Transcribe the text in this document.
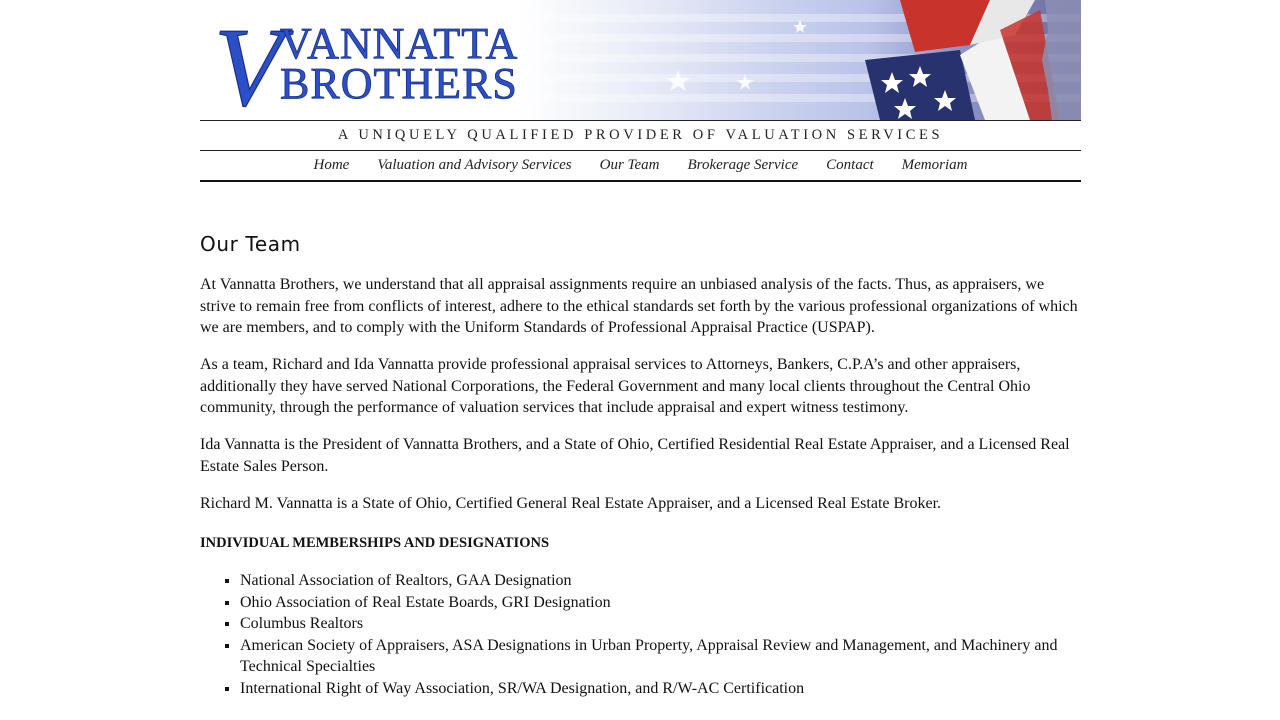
V
VANNATTA
BROTHERS
A UNIQUELY QUALIFIED PROVIDER OF VALUATION SERVICES
Home Valuation and Advisory Services Our Team Brokerage Service Contact Memoriam
Our Team

At Vannatta Brothers, we understand that all appraisal assignments require an unbiased analysis of the facts. Thus, as appraisers, we strive to remain free from conflicts of interest, adhere to the ethical standards set forth by the various professional organizations of which we are members, and to comply with the Uniform Standards of Professional Appraisal Practice (USPAP).

As a team, Richard and Ida Vannatta provide professional appraisal services to Attorneys, Bankers, C.P.A’s and other appraisers, additionally they have served National Corporations, the Federal Government and many local clients throughout the Central Ohio community, through the performance of valuation services that include appraisal and expert witness testimony.

Ida Vannatta is the President of Vannatta Brothers, and a State of Ohio, Certified Residential Real Estate Appraiser, and a Licensed Real Estate Sales Person.

Richard M. Vannatta is a State of Ohio, Certified General Real Estate Appraiser, and a Licensed Real Estate Broker.

INDIVIDUAL MEMBERSHIPS AND DESIGNATIONS
▪ National Association of Realtors, GAA Designation
▪ Ohio Association of Real Estate Boards, GRI Designation
▪ Columbus Realtors
▪ American Society of Appraisers, ASA Designations in Urban Property, Appraisal Review and Management, and Machinery and Technical Specialties
▪ International Right of Way Association, SR/WA Designation, and R/W-AC Certification
